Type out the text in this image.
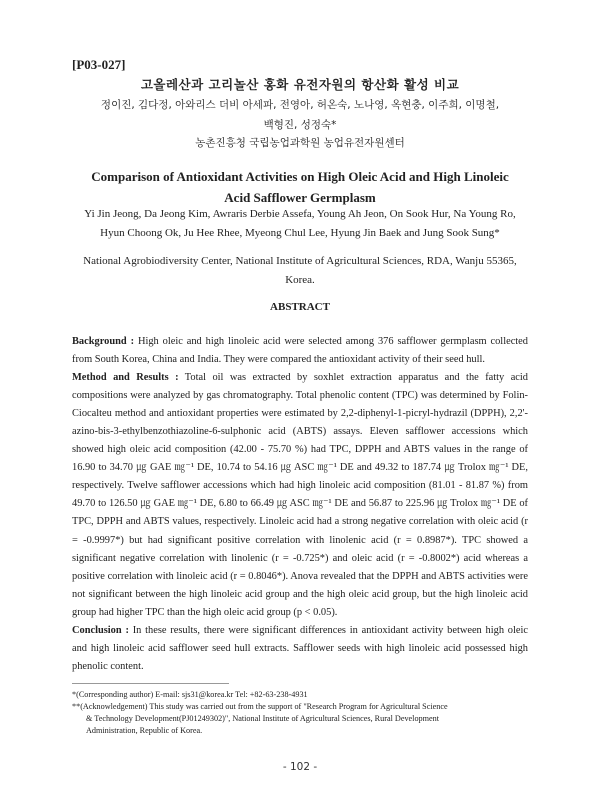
[P03-027]
고올레산과 고리놀산 홍화 유전자원의 항산화 활성 비교
정이진, 김다정, 아와리스 더비 아세파, 전영아, 허온숙, 노나영, 옥현충, 이주희, 이명철,
백형진, 성정숙*
농촌진흥청 국립농업과학원 농업유전자원센터
Comparison of Antioxidant Activities on High Oleic Acid and High Linoleic
Acid Safflower Germplasm
Yi Jin Jeong, Da Jeong Kim, Awraris Derbie Assefa, Young Ah Jeon, On Sook Hur, Na Young Ro, Hyun Choong Ok, Ju Hee Rhee, Myeong Chul Lee, Hyung Jin Baek and Jung Sook Sung*
National Agrobiodiversity Center, National Institute of Agricultural Sciences, RDA, Wanju 55365, Korea.
ABSTRACT

Background : High oleic and high linoleic acid were selected among 376 safflower germplasm collected from South Korea, China and India. They were compared the antioxidant activity of their seed hull.

Method and Results : Total oil was extracted by soxhlet extraction apparatus and the fatty acid compositions were analyzed by gas chromatography. Total phenolic content (TPC) was determined by Folin-Ciocalteu method and antioxidant properties were estimated by 2,2-diphenyl-1-picryl-hydrazil (DPPH), 2,2'-azino-bis-3-ethylbenzothiazoline-6-sulphonic acid (ABTS) assays. Eleven safflower accessions which showed high oleic acid composition (42.00 - 75.70 %) had TPC, DPPH and ABTS values in the range of 16.90 to 34.70 ㎍ GAE ㎎⁻¹ DE, 10.74 to 54.16 ㎍ ASC ㎎⁻¹ DE and 49.32 to 187.74 ㎍ Trolox ㎎⁻¹ DE, respectively. Twelve safflower accessions which had high linoleic acid composition (81.01 - 81.87 %) from 49.70 to 126.50 ㎍ GAE ㎎⁻¹ DE, 6.80 to 66.49 ㎍ ASC ㎎⁻¹ DE and 56.87 to 225.96 ㎍ Trolox ㎎⁻¹ DE of TPC, DPPH and ABTS values, respectively. Linoleic acid had a strong negative correlation with oleic acid (r = -0.9997*) but had significant positive correlation with linolenic acid (r = 0.8987*). TPC showed a significant negative correlation with linolenic (r = -0.725*) and oleic acid (r = -0.8002*) acid whereas a positive correlation with linoleic acid (r = 0.8046*). Anova revealed that the DPPH and ABTS activities were not significant between the high linoleic acid group and the high oleic acid group, but the high linoleic acid group had higher TPC than the high oleic acid group (p < 0.05).

Conclusion : In these results, there were significant differences in antioxidant activity between high oleic and high linoleic acid safflower seed hull extracts. Safflower seeds with high linoleic acid possessed high phenolic content.

*(Corresponding author) E-mail: sjs31@korea.kr Tel: +82-63-238-4931

**(Acknowledgement) This study was carried out from the support of "Research Program for Agricultural Science

& Technology Development(PJ01249302)", National Institute of Agricultural Sciences, Rural Development

Administration, Republic of Korea.

- 102 -
